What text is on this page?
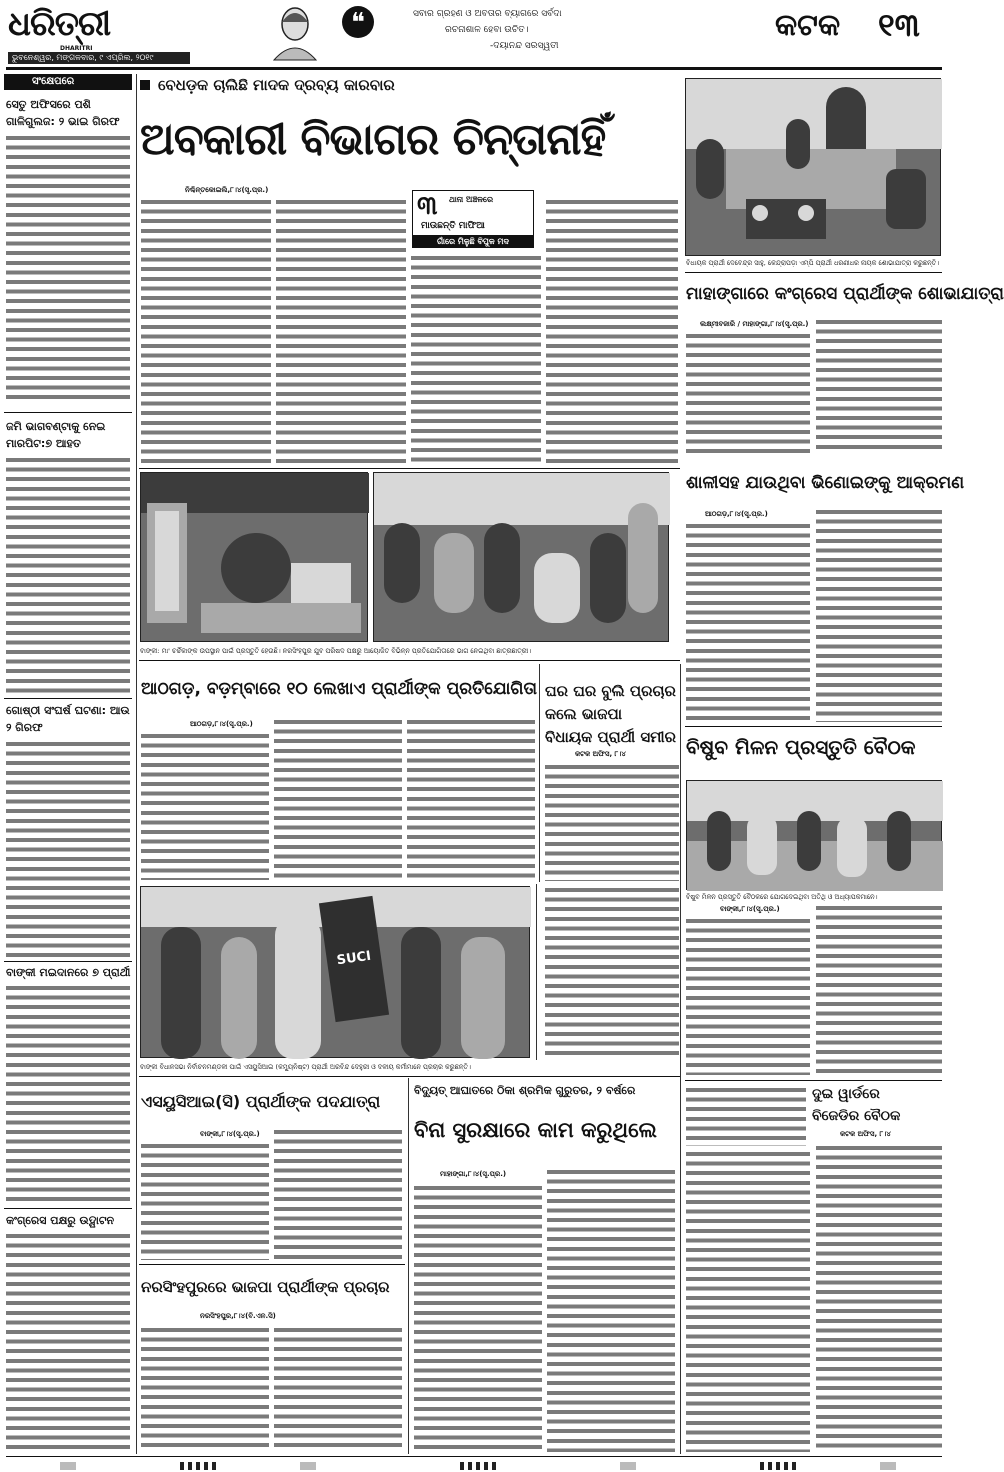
ଧରିତ୍ରୀ
DHARITRI
ଭୁବନେଶ୍ୱର, ମଙ୍ଗଳବାର, ୯ ଏପ୍ରିଲ, ୨୦୧୯
❝	ସବାର ଗ୍ରହଣ ଓ ଅବତାର ବ୍ୟାଗରେ ସର୍ବଦା
ରଚନାଶାଳ ହେବା ଉଚିତ।
-ଦୟାନନ୍ଦ ସରସ୍ୱତୀ
କଟକ ୧୩
ସଂକ୍ଷେପରେ
ସେତୁ ଅଫିସରେ ପଶି ଗାଳିଗୁଲଜ: ୨ ଭାଇ ଗିରଫ
ଜମି ଭାଗବଣ୍ଟାକୁ ନେଇ ମାରପିଟ:୭ ଆହତ
ଗୋଷ୍ଠୀ ସଂଘର୍ଷ ଘଟଣା: ଆଉ ୨ ଗିରଫ
ବାଙ୍କୀ ମଇଦାନରେ ୭ ପ୍ରାର୍ଥୀ
କଂଗ୍ରେସ ପକ୍ଷରୁ ଉଦ୍ଘାଟନ
ବେଧଡ଼କ ଚାଲିଛି ମାଦକ ଦ୍ରବ୍ୟ କାରବାର
ଅବକାରୀ ବିଭାଗର ଚିନ୍ତାନାହିଁ
ନିଶ୍ଚିନ୍ତକୋଇଲି,୮।୪(ସୃ.ପ୍ର.)
୩ ଥାନା ଅଞ୍ଚଳରେ
ମାଉଛନ୍ତି ମାଫିଆ
ଗାଁରେ ମିଳୁଛି ବିପୁଳ ମଦ
ବିଧାୟକ ପ୍ରାର୍ଥୀ ଦେବେନ୍ଦ୍ର ସାହୁ, କେନ୍ଦ୍ରାପଡ଼ା ଏମ୍‌ପି ପ୍ରାର୍ଥୀ ଧରଣୀଧର ନାୟକ ଶୋଭାଯାତ୍ରା କରୁଛନ୍ତି।
ମାହାଙ୍ଗାରେ କଂଗ୍ରେସ ପ୍ରାର୍ଥୀଙ୍କ ଶୋଭାଯାତ୍ରା
ଲକ୍ଷ୍ମୀବଜାରି / ମାହାଙ୍ଗା,୮।୪(ସୃ.ପ୍ର.)
ବାଙ୍କୀ: ମା' ଚର୍ଚ୍ଚିକାଙ୍କ ଉପସ୍ଥାନ ପାଇଁ ପ୍ରସ୍ତୁତି ହେଉଛି। ନରସିଂହପୁର ଯୁବ ପରିଷଦ ପକ୍ଷରୁ ଆୟୋଜିତ ବିଭିନ୍ନ ପ୍ରତିଯୋଗିତାରେ ଭାଗ ନେଇଥିବା ଛାତ୍ରଛାତ୍ରୀ।
ଶାଳୀସହ ଯାଉଥିବା ଭିଣୋଇଙ୍କୁ ଆକ୍ରମଣ
ଆଠଗଡ଼,୮।୪(ସୃ.ପ୍ର.)
ଆଠଗଡ଼, ବଡ଼ମ୍ବାରେ ୧୦ ଲେଖାଏ ପ୍ରାର୍ଥୀଙ୍କ ପ୍ରତିଯୋଗିତା
ଆଠଗଡ଼,୮।୪(ସୃ.ପ୍ର.)
ଘର ଘର ବୁଲି ପ୍ରଚାର
କଲେ ଭାଜପା
ବିଧାୟକ ପ୍ରାର୍ଥୀ ସମୀର
କଟକ ଅଫିସ, ୮।୪	ବିଷୁବ ମିଳନ ପ୍ରସ୍ତୁତି ବୈଠକ
ବିଷୁବ ମିଳନ ପ୍ରସ୍ତୁତି ବୈଠକରେ ଯୋଗଦେଇଥିବା ଅତିଥି ଓ ଅଧ୍ୟାପକମାନେ।
ବାଙ୍କୀ,୮।୪(ସୃ.ପ୍ର.)
SUCI
ବାଙ୍କୀ ବିଧାନସଭା ନିର୍ବାଚନମଣ୍ଡଳୀ ପାଇଁ ଏସୟୁସିଆଇ (କମ୍ୟୁନିଷ୍ଟ) ପ୍ରାର୍ଥୀ ଅରବିନ୍ଦ ଦେହୁରୀ ଓ ଦଳୀୟ କର୍ମୀମାନେ ପ୍ରଚାର କରୁଛନ୍ତି।
ଏସୟୁସିଆଇ(ସି) ପ୍ରାର୍ଥୀଙ୍କ ପଦଯାତ୍ରା
ବାଙ୍କୀ,୮।୪(ସୃ.ପ୍ର.)
ନରସିଂହପୁରରେ ଭାଜପା ପ୍ରାର୍ଥୀଙ୍କ ପ୍ରଚାର
ନରସିଂହପୁର,୮।୪(ବି.ଏନ.ସି)
ବିଦ୍ୟୁତ୍ ଆଘାତରେ ଠିକା ଶ୍ରମିକ ଗୁରୁତର, ୨ ବର୍ଷରେ
ବିନା ସୁରକ୍ଷାରେ କାମ କରୁଥିଲେ
ମାହାଙ୍ଗା,୮।୪(ସୃ.ପ୍ର.)
ଦୁଇ ୱାର୍ଡରେ
ବିଜେଡିର ବୈଠକ
କଟକ ଅଫିସ, ୮।୪
